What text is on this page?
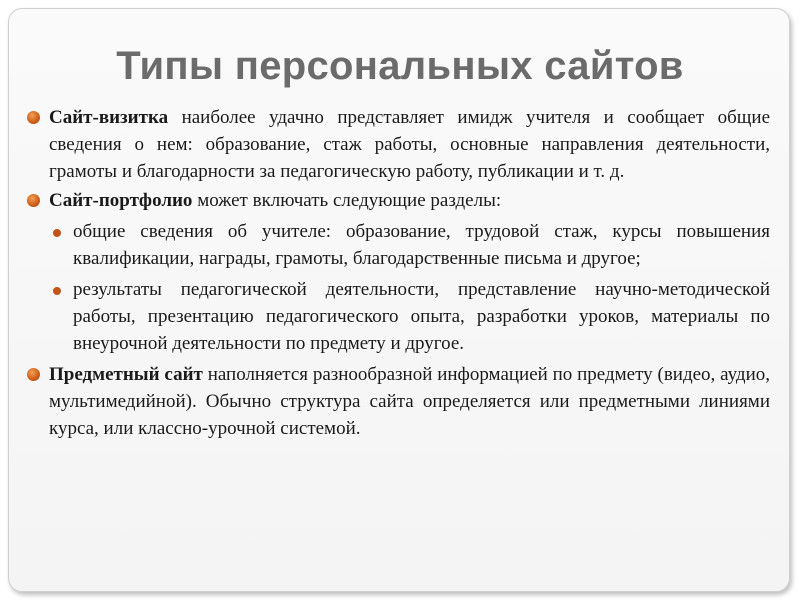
Типы персональных сайтов
Сайт-визитка наиболее удачно представляет имидж учителя и сообщает общие сведения о нем: образование, стаж работы, основные направления деятельности, грамоты и благодарности за педагогическую работу, публикации и т. д.
Сайт-портфолио может включать следующие разделы:
общие сведения об учителе: образование, трудовой стаж, курсы повышения квалификации, награды, грамоты, благодарственные письма и другое;
результаты педагогической деятельности, представление научно-методической работы, презентацию педагогического опыта, разработки уроков, материалы по внеурочной деятельности по предмету и другое.
Предметный сайт наполняется разнообразной информацией по предмету (видео, аудио, мультимедийной). Обычно структура сайта определяется или предметными линиями курса, или классно-урочной системой.
